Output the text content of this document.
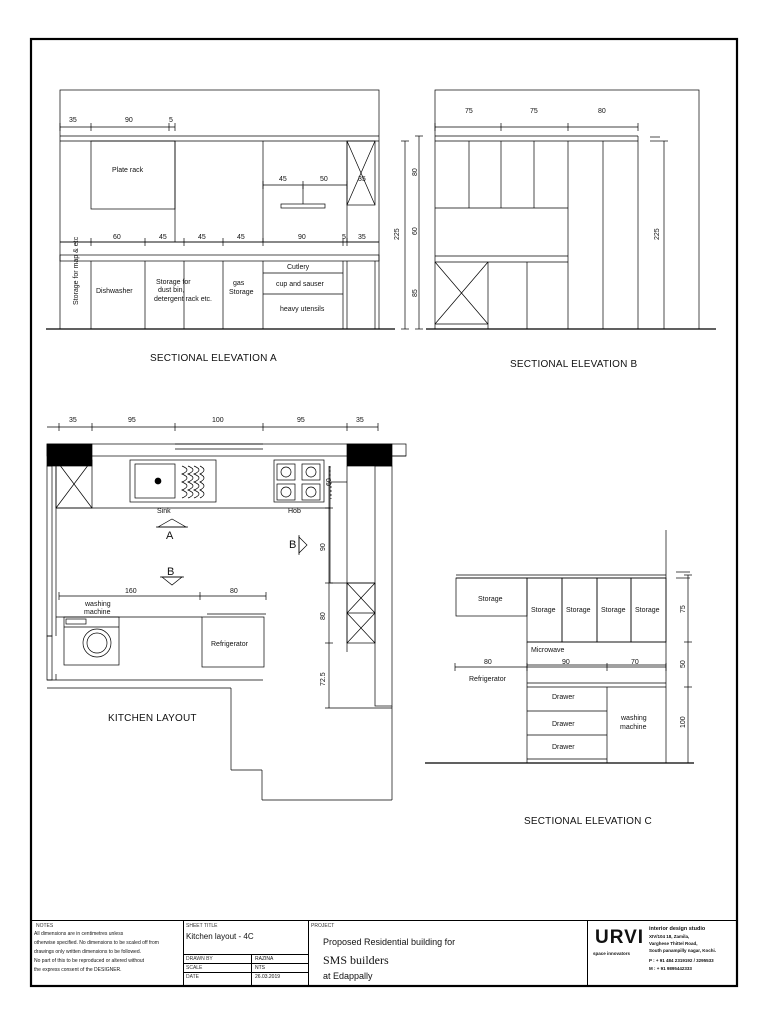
35	90	5
Plate rack
45	50	35
60	45	45	45	90	5 35
Storage for map & etc Dishwasher
Storage for
dust bin,
detergent rack etc.
gas
Storage
Cutlery
cup and sauser
heavy utensils
80
60
85
225
75	75	80
225
35	95	100	95	35
Sink	Hob
A
B
B
160	80
washing
machine
Refrigerator
60
90
80
72.5
Storage
Storage Storage Storage Storage
Microwave
80	90	70
Refrigerator
Drawer
Drawer
Drawer
washing
machine
75
50
100
SECTIONAL ELEVATION A
SECTIONAL ELEVATION B
KITCHEN LAYOUT
SECTIONAL ELEVATION C
NOTES
All dimensions are in centimetres unless
otherwise specified. No dimensions to be scaled off from
drawings only written dimensions to be followed.
No part of this to be reproduced or altered without
the express consent of the DESIGNER.
SHEET TITLE
Kitchen layout - 4C
DRAWN BY	RAZINA
SCALE	NTS
DATE	26.03.2019
PROJECT
Proposed Residential building for
SMS builders
at Edappally
URVI
space innovators
interior design studio
XIV/104 18, Zamila,
Varghese Thittel Road,
South panampilly nagar, Kochi.
P : + 91 484 2319192 / 3295533
M : + 91 9895442333
